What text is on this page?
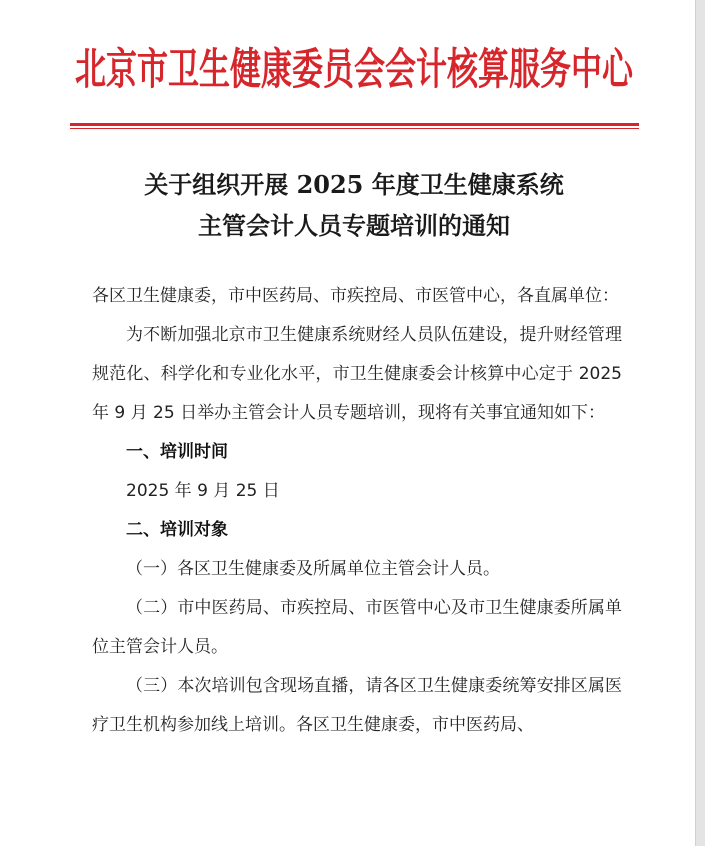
北京市卫生健康委员会会计核算服务中心
关于组织开展 2025 年度卫生健康系统
主管会计人员专题培训的通知

各区卫生健康委，市中医药局、市疾控局、市医管中心，各直属单位：

为不断加强北京市卫生健康系统财经人员队伍建设，提升财经管理规范化、科学化和专业化水平，市卫生健康委会计核算中心定于 2025 年 9 月 25 日举办主管会计人员专题培训，现将有关事宜通知如下：

一、培训时间

2025 年 9 月 25 日

二、培训对象

（一）各区卫生健康委及所属单位主管会计人员。

（二）市中医药局、市疾控局、市医管中心及市卫生健康委所属单位主管会计人员。

（三）本次培训包含现场直播，请各区卫生健康委统筹安排区属医疗卫生机构参加线上培训。各区卫生健康委，市中医药局、
